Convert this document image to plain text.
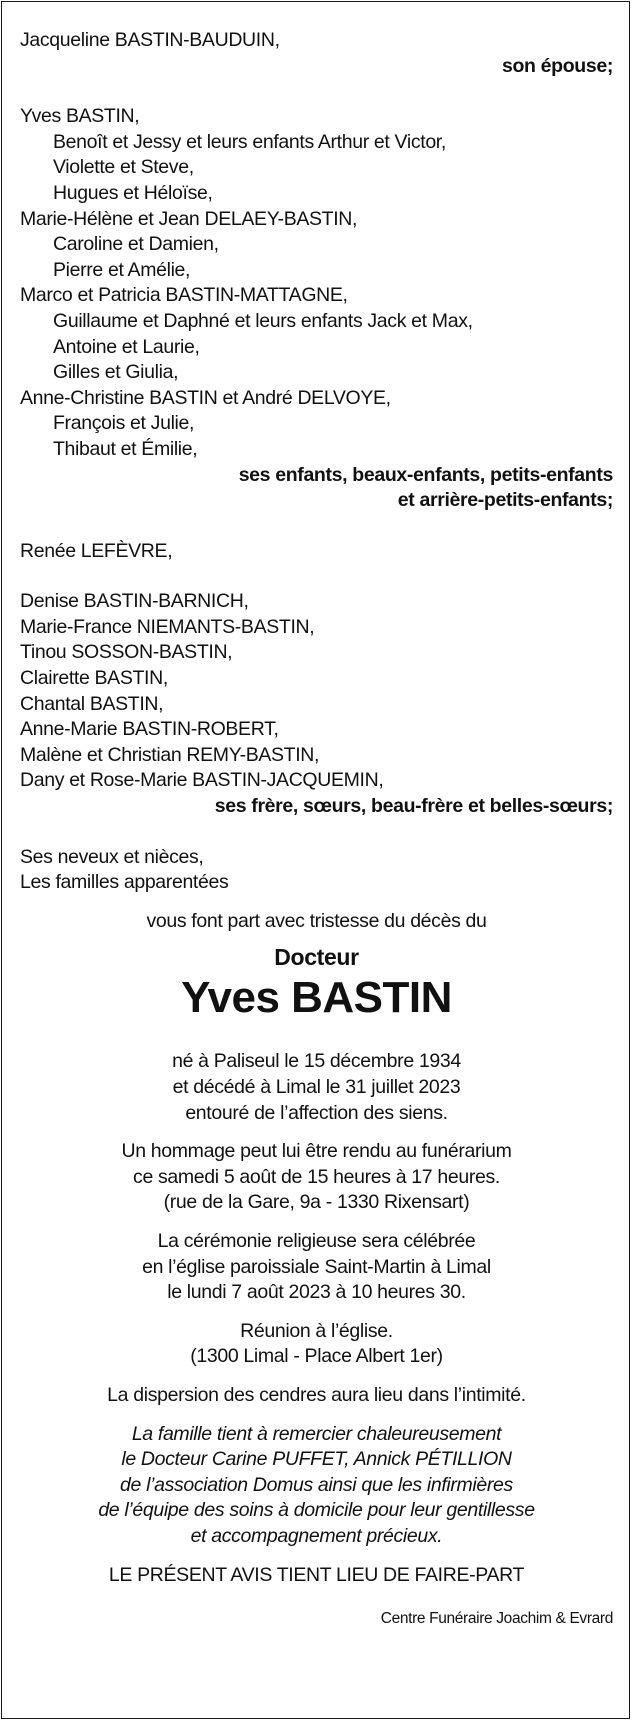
Jacqueline BASTIN-BAUDUIN,
son épouse;
Yves BASTIN,
Benoît et Jessy et leurs enfants Arthur et Victor,
Violette et Steve,
Hugues et Héloïse,
Marie-Hélène et Jean DELAEY-BASTIN,
Caroline et Damien,
Pierre et Amélie,
Marco et Patricia BASTIN-MATTAGNE,
Guillaume et Daphné et leurs enfants Jack et Max,
Antoine et Laurie,
Gilles et Giulia,
Anne-Christine BASTIN et André DELVOYE,
François et Julie,
Thibaut et Émilie,
ses enfants, beaux-enfants, petits-enfants
et arrière-petits-enfants;
Renée LEFÈVRE,
Denise BASTIN-BARNICH,
Marie-France NIEMANTS-BASTIN,
Tinou SOSSON-BASTIN,
Clairette BASTIN,
Chantal BASTIN,
Anne-Marie BASTIN-ROBERT,
Malène et Christian REMY-BASTIN,
Dany et Rose-Marie BASTIN-JACQUEMIN,
ses frère, sœurs, beau-frère et belles-sœurs;
Ses neveux et nièces,
Les familles apparentées
vous font part avec tristesse du décès du
Docteur
Yves BASTIN
né à Paliseul le 15 décembre 1934
et décédé à Limal le 31 juillet 2023
entouré de l’affection des siens.
Un hommage peut lui être rendu au funérarium
ce samedi 5 août de 15 heures à 17 heures.
(rue de la Gare, 9a - 1330 Rixensart)
La cérémonie religieuse sera célébrée
en l’église paroissiale Saint-Martin à Limal
le lundi 7 août 2023 à 10 heures 30.
Réunion à l’église.
(1300 Limal - Place Albert 1er)
La dispersion des cendres aura lieu dans l’intimité.
La famille tient à remercier chaleureusement
le Docteur Carine PUFFET, Annick PÉTILLION
de l’association Domus ainsi que les infirmières
de l’équipe des soins à domicile pour leur gentillesse
et accompagnement précieux.
LE PRÉSENT AVIS TIENT LIEU DE FAIRE-PART
Centre Funéraire Joachim & Evrard
